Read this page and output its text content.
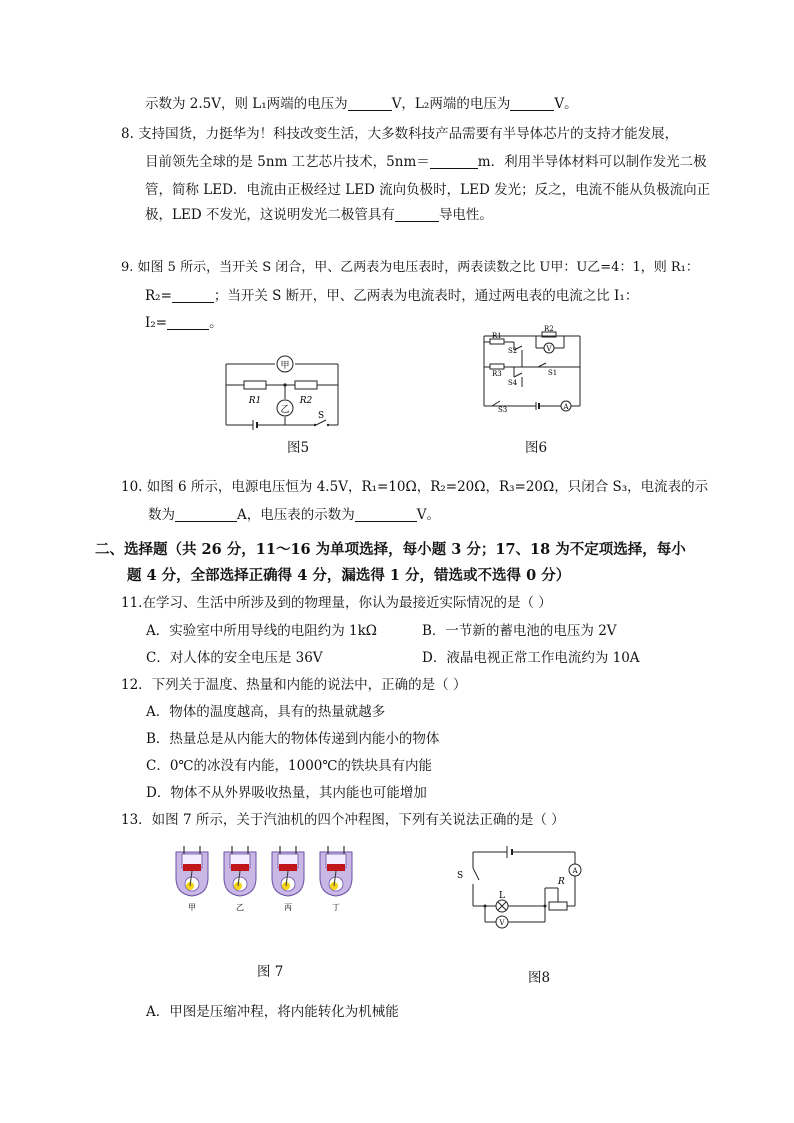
示数为 2.5V，则 L₁两端的电压为	V，L₂两端的电压为	V。
8. 支持国货，力挺华为！科技改变生活，大多数科技产品需要有半导体芯片的支持才能发展，
目前领先全球的是 5nm 工艺芯片技术，5nm＝	m．利用半导体材料可以制作发光二极
管，简称 LED．电流由正极经过 LED 流向负极时，LED 发光；反之，电流不能从负极流向正
极，LED 不发光，这说明发光二极管具有	导电性。
9. 如图 5 所示，当开关 S 闭合，甲、乙两表为电压表时，两表读数之比 U甲：U乙=4：1，则 R₁：
R₂=	；当开关 S 断开，甲、乙两表为电流表时，通过两电表的电流之比 I₁：
I₂=	。
甲
乙
R1	R2
S
图5
R1
R2
R3
S2
S1
S4
S3
V
A
图6
10. 如图 6 所示，电源电压恒为 4.5V，R₁=10Ω，R₂=20Ω，R₃=20Ω，只闭合 S₃，电流表的示
数为	A，电压表的示数为	V。
二、选择题（共 26 分，11～16 为单项选择，每小题 3 分；17、18 为不定项选择，每小
题 4 分，全部选择正确得 4 分，漏选得 1 分，错选或不选得 0 分）
11.在学习、生活中所涉及到的物理量，你认为最接近实际情况的是（ ）
A．实验室中所用导线的电阻约为 1kΩ	B．一节新的蓄电池的电压为 2V
C．对人体的安全电压是 36V	D．液晶电视正常工作电流约为 10A
12．下列关于温度、热量和内能的说法中，正确的是（ ）
A．物体的温度越高，具有的热量就越多
B．热量总是从内能大的物体传递到内能小的物体
C．0℃的冰没有内能，1000℃的铁块具有内能
D．物体不从外界吸收热量，其内能也可能增加
13．如图 7 所示，关于汽油机的四个冲程图，下列有关说法正确的是（ ）
甲	乙	丙	丁
图 7
S
L
R
A
V
图8
A．甲图是压缩冲程，将内能转化为机械能
